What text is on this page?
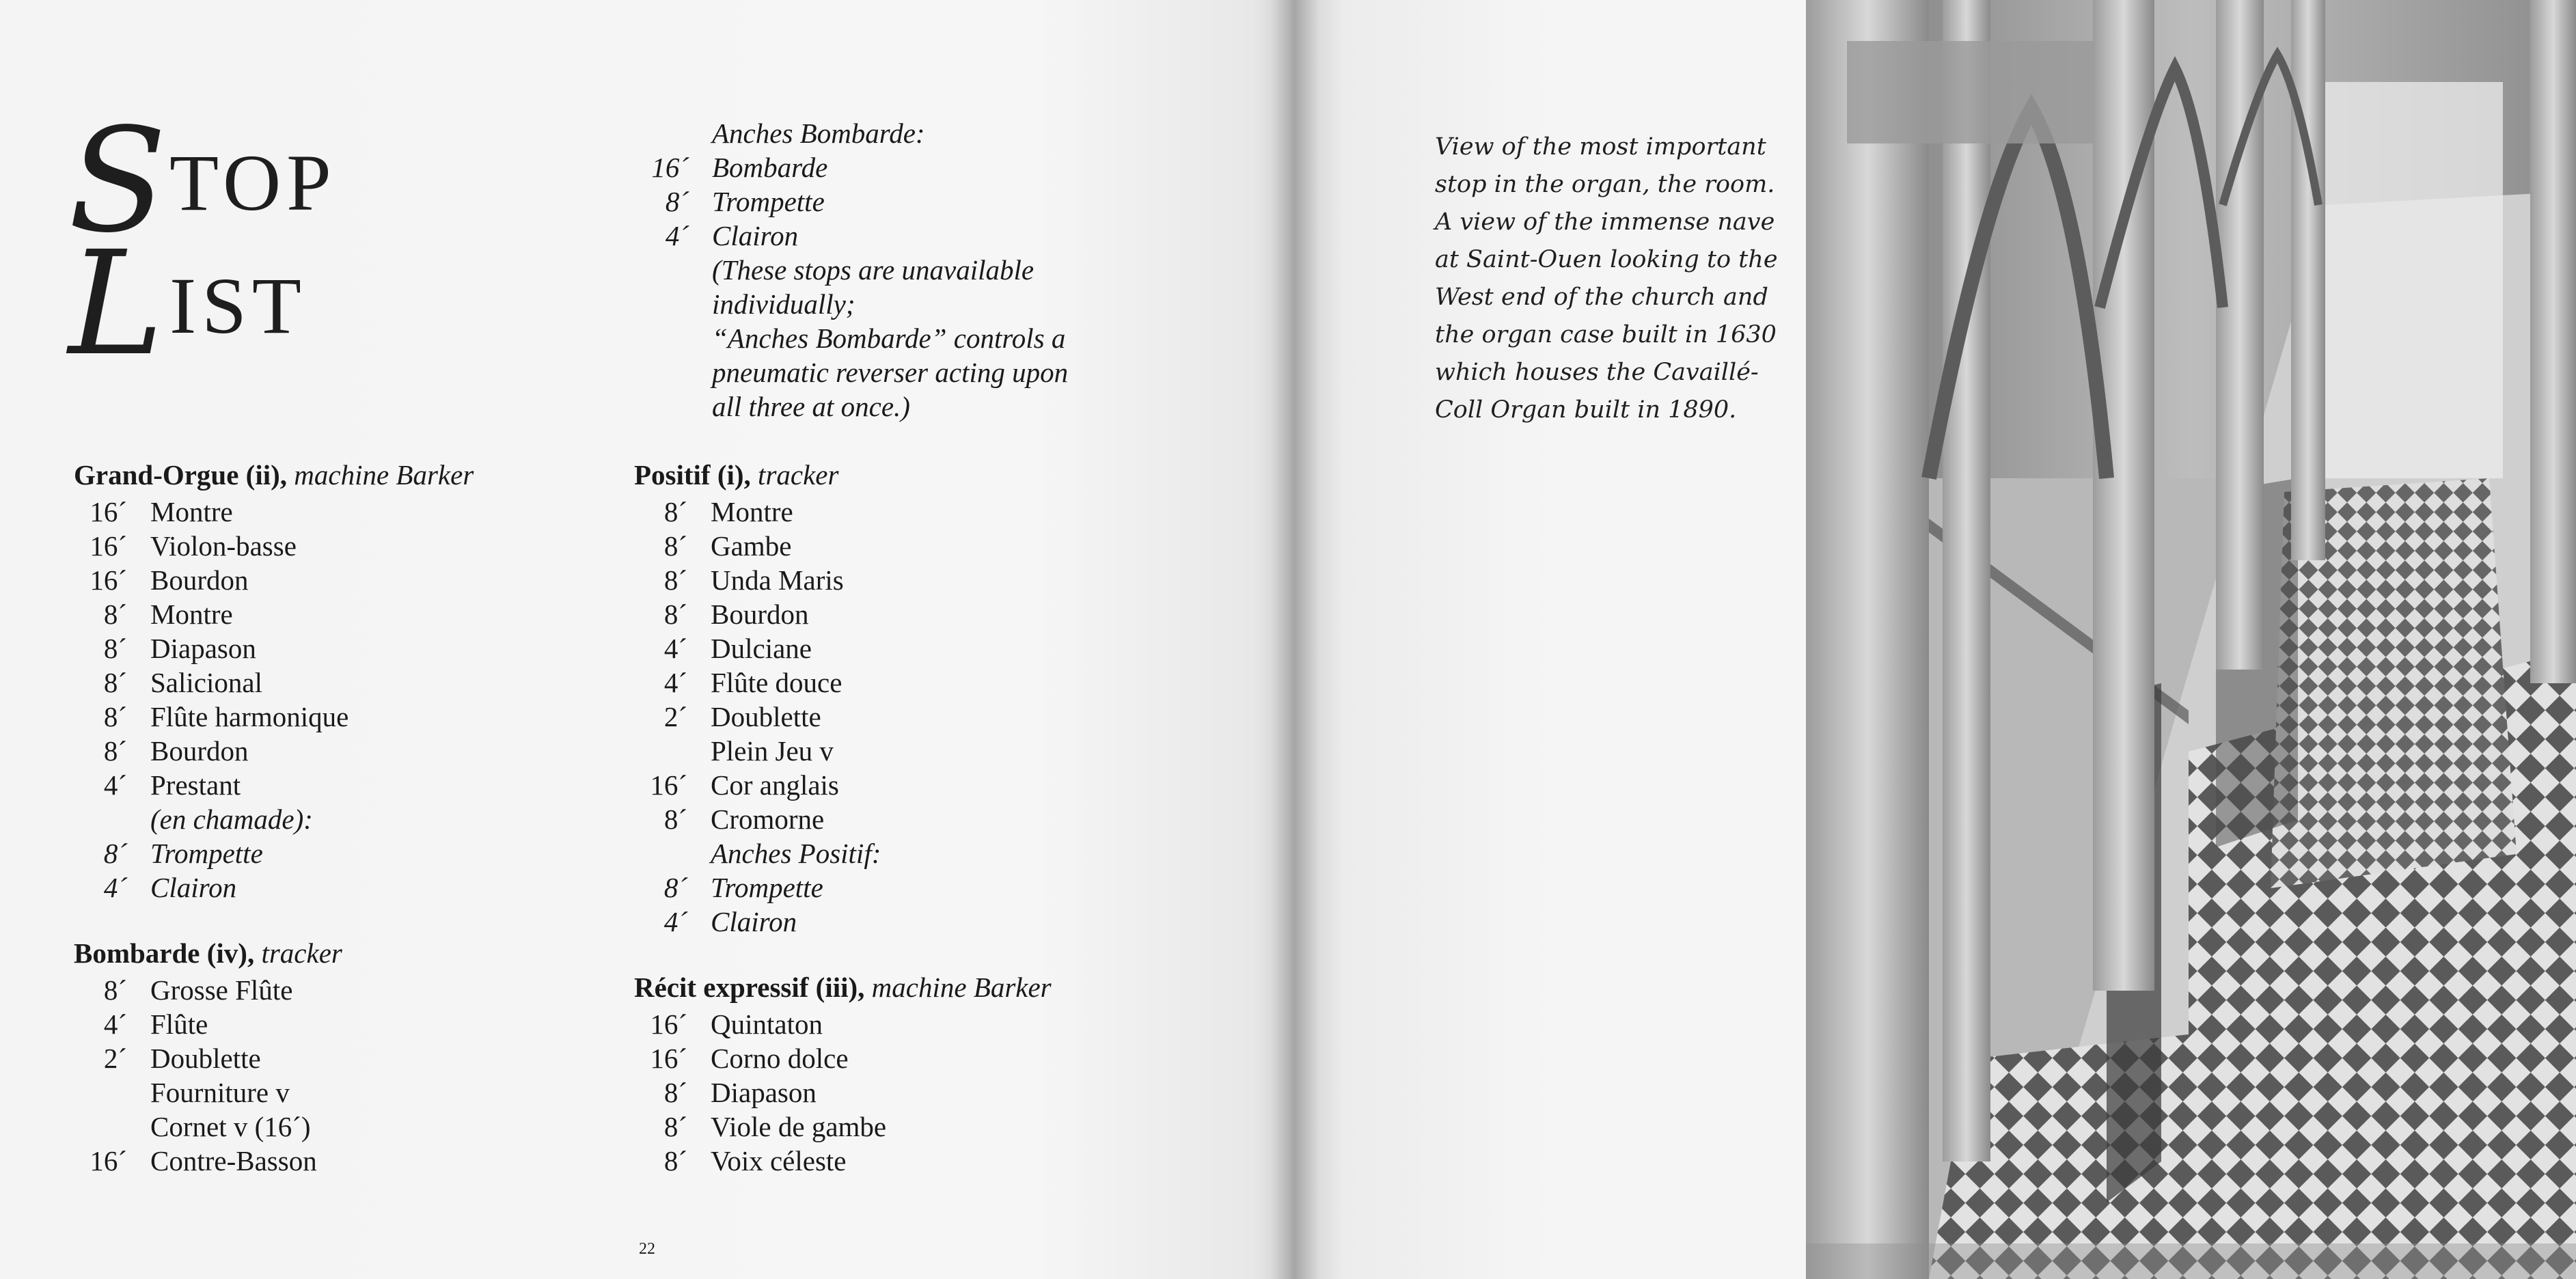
S TOP
L IST
Anches Bombarde:
16´ Bombarde
8´ Trompette
4´ Clairon
(These stops are unavailable
individually;
“Anches Bombarde” controls a
pneumatic reverser acting upon
all three at once.)
Grand-Orgue (ii), machine Barker
16´ Montre
16´ Violon-basse
16´ Bourdon
8´ Montre
8´ Diapason
8´ Salicional
8´ Flûte harmonique
8´ Bourdon
4´ Prestant
(en chamade):
8´ Trompette
4´ Clairon
Bombarde (iv), tracker
8´ Grosse Flûte
4´ Flûte
2´ Doublette
Fourniture v
Cornet v (16´)
16´ Contre-Basson
Positif (i), tracker
8´ Montre
8´ Gambe
8´ Unda Maris
8´ Bourdon
4´ Dulciane
4´ Flûte douce
2´ Doublette
Plein Jeu v
16´ Cor anglais
8´ Cromorne
Anches Positif:
8´ Trompette
4´ Clairon
Récit expressif (iii), machine Barker
16´ Quintaton
16´ Corno dolce
8´ Diapason
8´ Viole de gambe
8´ Voix céleste
22
View of the most important
stop in the organ, the room.
A view of the immense nave
at Saint-Ouen looking to the
West end of the church and
the organ case built in 1630
which houses the Cavaillé-
Coll Organ built in 1890.
